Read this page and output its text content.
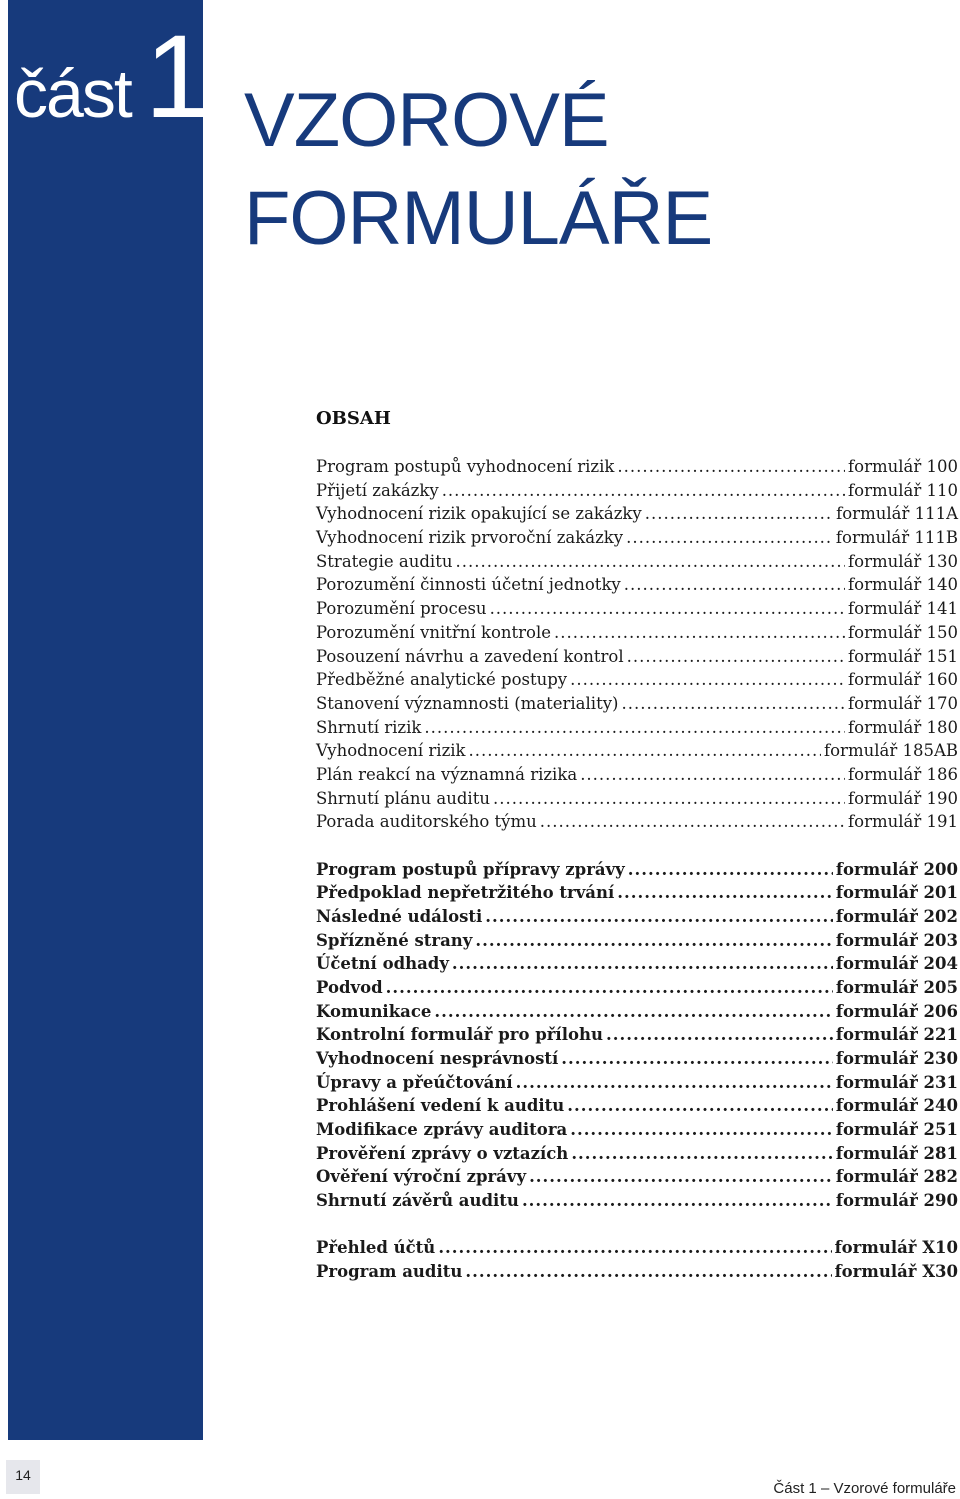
část 1 VZOROVÉ
FORMULÁŘE
OBSAH
Program postupů vyhodnocení rizik .....	formulář 100
Přijetí zakázky .....	formulář 110
Vyhodnocení rizik opakující se zakázky .....	formulář 111A
Vyhodnocení rizik prvoroční zakázky .....	formulář 111B
Strategie auditu .....	formulář 130
Porozumění činnosti účetní jednotky .....	formulář 140
Porozumění procesu .....	formulář 141
Porozumění vnitřní kontrole .....	formulář 150
Posouzení návrhu a zavedení kontrol .....	formulář 151
Předběžné analytické postupy .....	formulář 160
Stanovení významnosti (materiality) .....	formulář 170
Shrnutí rizik .....	formulář 180
Vyhodnocení rizik .....	formulář 185AB
Plán reakcí na významná rizika .....	formulář 186
Shrnutí plánu auditu .....	formulář 190
Porada auditorského týmu .....	formulář 191
Program postupů přípravy zprávy .....	formulář 200
Předpoklad nepřetržitého trvání .....	formulář 201
Následné události .....	formulář 202
Spřízněné strany .....	formulář 203
Účetní odhady .....	formulář 204
Podvod .....	formulář 205
Komunikace .....	formulář 206
Kontrolní formulář pro přílohu .....	formulář 221
Vyhodnocení nesprávností .....	formulář 230
Úpravy a přeúčtování .....	formulář 231
Prohlášení vedení k auditu .....	formulář 240
Modifikace zprávy auditora .....	formulář 251
Prověření zprávy o vztazích .....	formulář 281
Ověření výroční zprávy .....	formulář 282
Shrnutí závěrů auditu .....	formulář 290
Přehled účtů .....	formulář X10
Program auditu .....	formulář X30
14
Část 1 – Vzorové formuláře
